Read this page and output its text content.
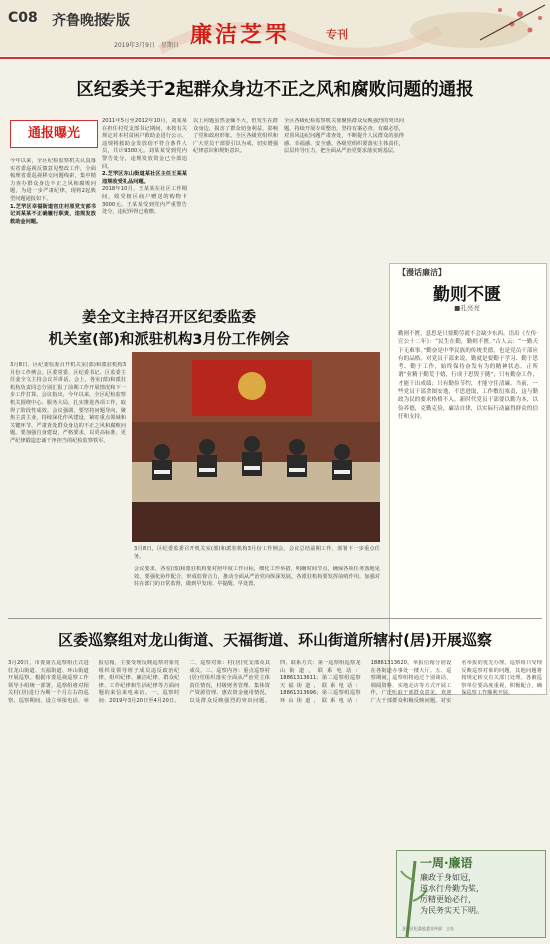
C08 齐鲁晚报
专版
2019年3月9日　星期日 廉洁芝罘	专刊
区纪委关于2起群众身边不正之风和腐败问题的通报
通报曝光

今年以来，全区纪检监察机关认真落实省委巡视反馈意见整改工作，全面梳理省委巡视移交问题线索，集中精力查办群众身边不正之风和腐败问题，为进一步严肃纪律，现将2起典型问题通报如下。

1.芝罘区幸福街道官庄村原党支部书记刘某某不正确履行职责，违规发放救助金问题。

2011年5月至2012年10月，刘某某在担任村党支部书记期间，未按有关规定对本村贫困户救助金进行公示，违规将救助金发放给不符合条件人员，共计9300元。刘某某受到党内警告处分，违规发放资金已全部追回。

2.芝罘区东山街道某社区主任王某某违规收受礼品问题。

2018年10月，王某某在社区工作期间，收受辖区商户赠送的购物卡3000元。王某某受到党内严重警告处分，违纪所得已收缴。

以上问题虽然金额不大，但发生在群众身边，损害了群众切身利益，影响了党和政府形象。全区各级党组织和广大党员干部要引以为戒，切实增强纪律意识和规矩意识。

全区各级纪检监察机关要聚焦群众反映强烈的突出问题，持续开展专项整治，坚持有案必查、有腐必惩，对顶风违纪问题严肃查处，不断提升人民群众的获得感、幸福感、安全感。各级党组织要落实主体责任，层层传导压力，把全面从严治党要求落实到基层。

姜全文主持召开区纪委监委
机关室(部)和派驻机构3月份工作例会

3月8日，区纪委监委召开机关室(部)和派驻机构3月份工作例会。区委常委、区纪委书记、区监委主任姜全文主持会议并讲话。会上，各室(部)和派驻机构负责同志分别汇报了前期工作开展情况和下一步工作打算。会议指出，今年以来，全区纪检监察机关围绕中心、服务大局，扎实推进各项工作，取得了阶段性成效。会议强调，要坚持问题导向，聚焦主责主业，持续深化作风建设，紧盯重点领域和关键环节，严肃查处群众身边的不正之风和腐败问题。要加强自身建设，严格要求，以更高标准、更严纪律锻造忠诚干净担当的纪检监察铁军。

3月8日，区纪委监委召开机关室(部)和派驻机构3月份工作例会，会议总结前期工作，部署下一步重点任务。

会议要求，各室(部)和派驻机构要对照年度工作目标，细化工作举措，明确时间节点，确保各项任务落地见效。要强化协作配合，形成监督合力，推动全面从严治党向纵深发展。各派驻机构要发挥前哨作用，加强对驻在部门的日常监督，做到早发现、早提醒、早处置。

【漫话廉洁】
勤则不匮
■孔亮亮
勤则不匮，意思是只要勤劳就不会缺少东西。语出《左传·宣公十二年》：“民生在勤，勤则不匮。”古人云：“一勤天下无难事。”勤奋是中华民族的传统美德，也是党员干部应有的品格。对党员干部来说，勤就是要勤于学习、勤于思考、勤于工作，始终保持奋发有为的精神状态。正所谓“业精于勤荒于嬉，行成于思毁于随”，只有勤奋工作，才能干出成绩；只有勤俭节约，才能守住清廉。当前，一些党员干部贪图安逸，不思进取，工作敷衍塞责，这与勤政为民的要求格格不入。新时代党员干部要以勤为本，以俭养德，克勤克俭，廉洁自律，以实际行动赢得群众的信任和支持。
区委巡察组对龙山街道、天福街道、环山街道所辖村(居)开展巡察

3月20日，市委第五巡察组正式进驻龙山街道、天福街道、环山街道开展巡察。根据市委巡视巡察工作领导小组统一部署，巡察组将对相关村(居)进行为期一个月左右的巡察。巡察期间，设立举报电话、举报信箱，主要受理反映巡察对象党组织及领导班子成员违反政治纪律、组织纪律、廉洁纪律、群众纪律、工作纪律和生活纪律等方面问题的来信来电来访。一、巡察时间：2019年3月20日至4月20日。二、巡察对象：村(居)党支部及其成员。三、巡察内容：重点巡察村(居)党组织落实全面从严治党主体责任情况，村级财务管理、集体资产资源管理、惠农资金使用情况，以及群众反映强烈的突出问题。四、联系方式：第一巡察组巡察龙山街道，联系电话：18861313611；第二巡察组巡察天福街道，联系电话：18861313696；第三巡察组巡察环山街道，联系电话：18861313620。举报信箱分别设在各街道办事处一楼大厅。五、巡察期间，巡察组将通过个别谈话、调阅资料、实地走访等方式开展工作，广泛听取干部群众意见。欢迎广大干部群众积极反映问题，对实名举报的优先办理。巡察组只受理反映巡察对象的问题，其他问题将按规定转交有关部门处理。各被巡察单位要高度重视，积极配合，确保巡察工作顺利开展。

一周·廉语
廉政于身如冠，
逆水行舟勤为桨，
厉精更始必行，
为民务实天下明。
芝罘区纪委监委宣传部　主办
